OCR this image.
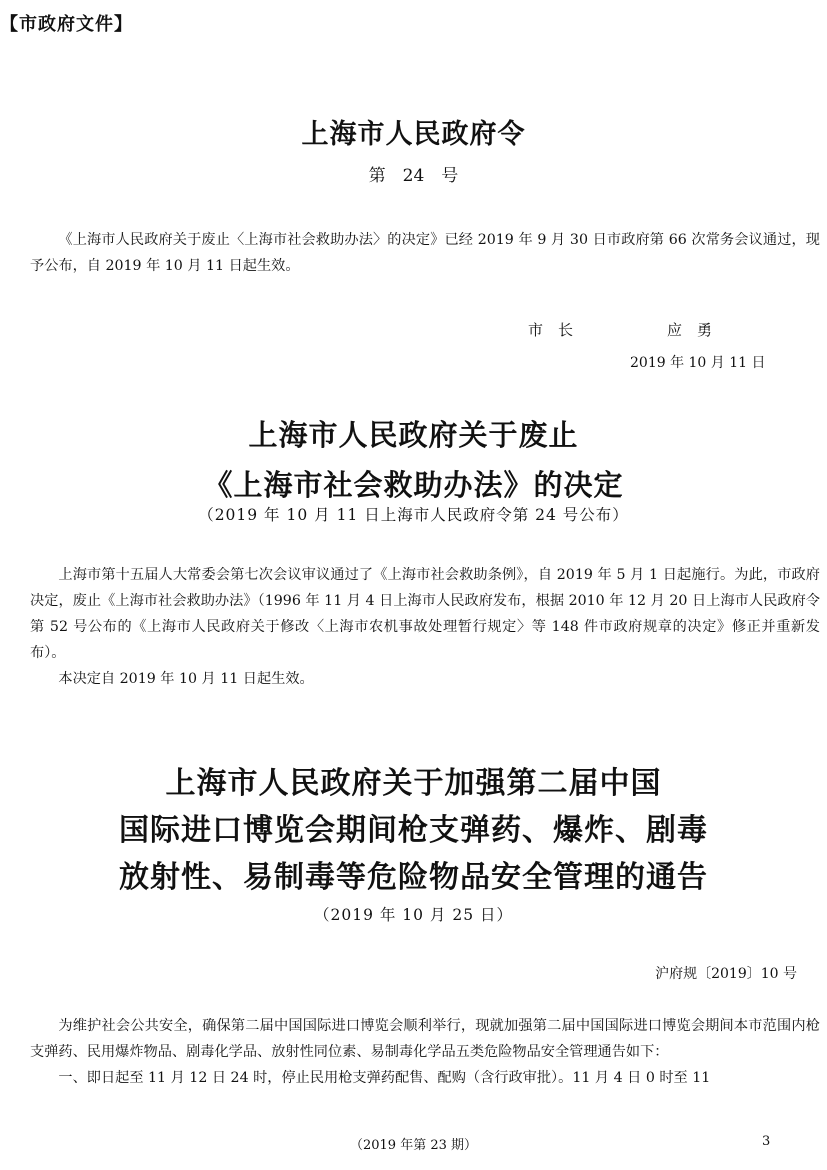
【市政府文件】
上海市人民政府令
第　24　号
《上海市人民政府关于废止〈上海市社会救助办法〉的决定》已经 2019 年 9 月 30 日市政府第 66 次常务会议通过，现予公布，自 2019 年 10 月 11 日起生效。
市　长	应　勇
2019 年 10 月 11 日
上海市人民政府关于废止
《上海市社会救助办法》的决定
（2019 年 10 月 11 日上海市人民政府令第 24 号公布）
上海市第十五届人大常委会第七次会议审议通过了《上海市社会救助条例》，自 2019 年 5 月 1 日起施行。为此，市政府决定，废止《上海市社会救助办法》（1996 年 11 月 4 日上海市人民政府发布，根据 2010 年 12 月 20 日上海市人民政府令第 52 号公布的《上海市人民政府关于修改〈上海市农机事故处理暂行规定〉等 148 件市政府规章的决定》修正并重新发布）。
本决定自 2019 年 10 月 11 日起生效。
上海市人民政府关于加强第二届中国
国际进口博览会期间枪支弹药、爆炸、剧毒
放射性、易制毒等危险物品安全管理的通告
（2019 年 10 月 25 日）
沪府规〔2019〕10 号
为维护社会公共安全，确保第二届中国国际进口博览会顺利举行，现就加强第二届中国国际进口博览会期间本市范围内枪支弹药、民用爆炸物品、剧毒化学品、放射性同位素、易制毒化学品五类危险物品安全管理通告如下：
一、即日起至 11 月 12 日 24 时，停止民用枪支弹药配售、配购（含行政审批）。11 月 4 日 0 时至 11
（2019 年第 23 期）	3
